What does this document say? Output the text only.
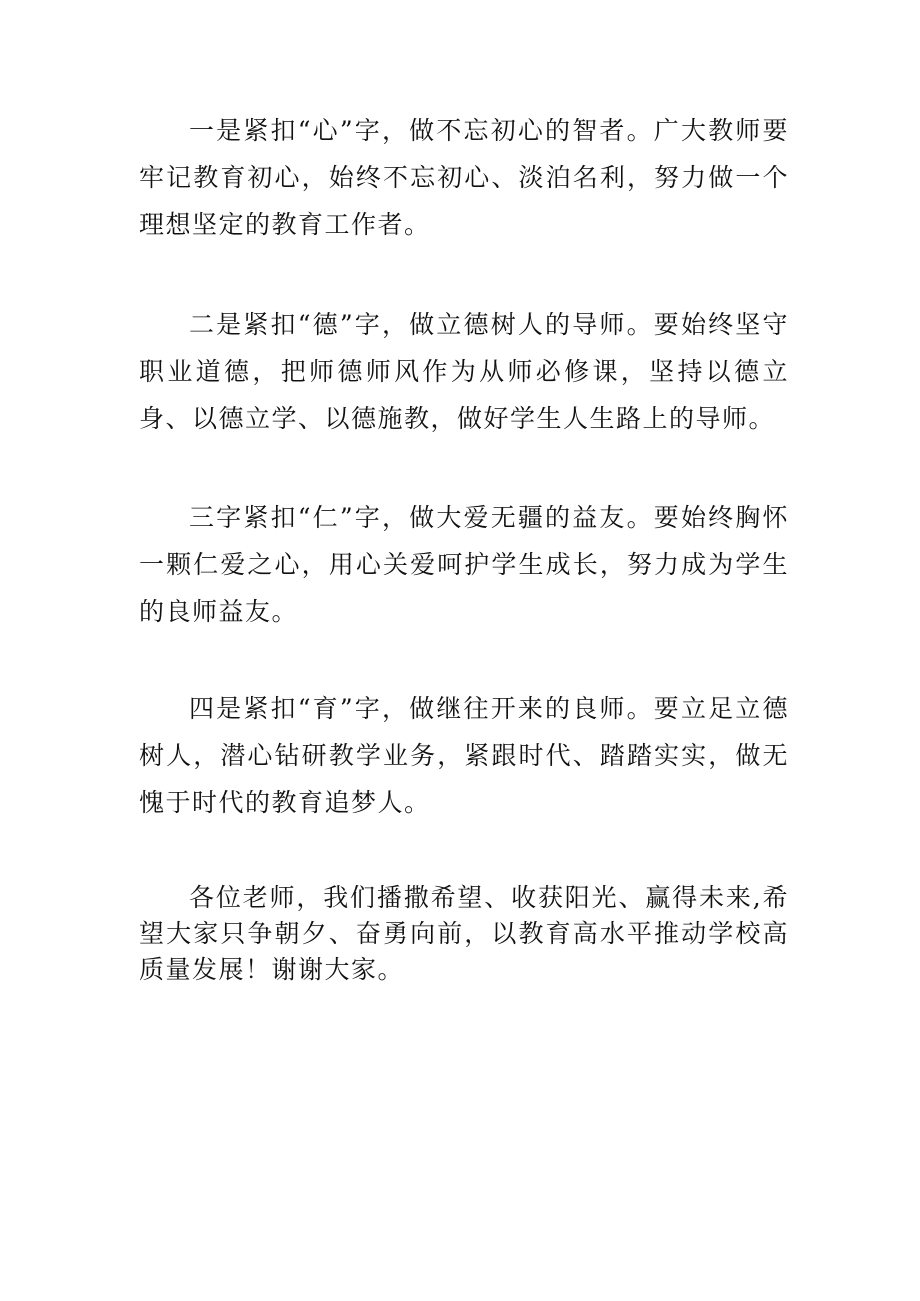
一是紧扣“心”字，做不忘初心的智者。广大教师要牢记教育初心，始终不忘初心、淡泊名利，努力做一个理想坚定的教育工作者。

二是紧扣“德”字，做立德树人的导师。要始终坚守职业道德，把师德师风作为从师必修课，坚持以德立身、以德立学、以德施教，做好学生人生路上的导师。

三字紧扣“仁”字，做大爱无疆的益友。要始终胸怀一颗仁爱之心，用心关爱呵护学生成长，努力成为学生的良师益友。

四是紧扣“育”字，做继往开来的良师。要立足立德树人，潜心钻研教学业务，紧跟时代、踏踏实实，做无愧于时代的教育追梦人。

各位老师，我们播撒希望、收获阳光、赢得未来,希望大家只争朝夕、奋勇向前，以教育高水平推动学校高质量发展！谢谢大家。
